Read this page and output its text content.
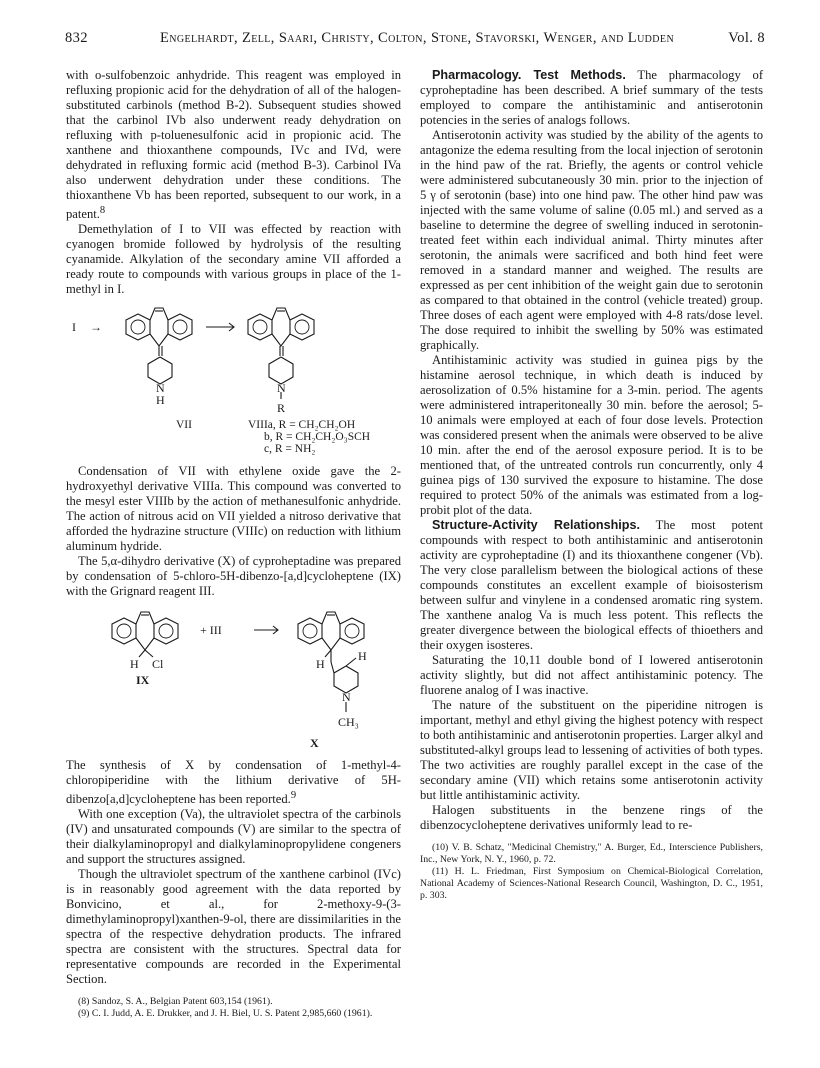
832	Engelhardt, Zell, Saari, Christy, Colton, Stone, Stavorski, Wenger, and Ludden	Vol. 8

with o-sulfobenzoic anhydride. This reagent was employed in refluxing propionic acid for the dehydration of all of the halogen-substituted carbinols (method B-2). Subsequent studies showed that the carbinol IVb also underwent ready dehydration on refluxing with p-toluenesulfonic acid in propionic acid. The xanthene and thioxanthene compounds, IVc and IVd, were dehydrated in refluxing formic acid (method B-3). Carbinol IVa also underwent dehydration under these conditions. The thioxanthene Vb has been reported, subsequent to our work, in a patent.$^8$

Demethylation of I to VII was effected by reaction with cyanogen bromide followed by hydrolysis of the resulting cyanamide. Alkylation of the secondary amine VII afforded a ready route to compounds with various groups in place of the 1-methyl in I.

I →
N
H
N
R
VII	VIIIa, R = CH₂CH₂OH
b, R = CH₂CH₂O₃SCH
c, R = NH₂

Condensation of VII with ethylene oxide gave the 2-hydroxyethyl derivative VIIIa. This compound was converted to the mesyl ester VIIIb by the action of methanesulfonic anhydride. The action of nitrous acid on VII yielded a nitroso derivative that afforded the hydrazine structure (VIIIc) on reduction with lithium aluminum hydride.

The 5,α-dihydro derivative (X) of cyproheptadine was prepared by condensation of 5-chloro-5H-dibenzo-[a,d]cycloheptene (IX) with the Grignard reagent III.

H Cl
+ III
H
H
N
CH₃
IX
X

The synthesis of X by condensation of 1-methyl-4-chloropiperidine with the lithium derivative of 5H-dibenzo[a,d]cycloheptene has been reported.$^9$

With one exception (Va), the ultraviolet spectra of the carbinols (IV) and unsaturated compounds (V) are similar to the spectra of their dialkylaminopropyl and dialkylaminopropylidene congeners and support the structures assigned.

Though the ultraviolet spectrum of the xanthene carbinol (IVc) is in reasonably good agreement with the data reported by Bonvicino, et al., for 2-methoxy-9-(3-dimethylaminopropyl)xanthen-9-ol, there are dissimilarities in the spectra of the respective dehydration products. The infrared spectra are consistent with the structures. Spectral data for representative compounds are recorded in the Experimental Section.

(8) Sandoz, S. A., Belgian Patent 603,154 (1961).

(9) C. I. Judd, A. E. Drukker, and J. H. Biel, U. S. Patent 2,985,660 (1961).

Pharmacology. Test Methods. The pharmacology of cyproheptadine has been described. A brief summary of the tests employed to compare the antihistaminic and antiserotonin potencies in the series of analogs follows.

Antiserotonin activity was studied by the ability of the agents to antagonize the edema resulting from the local injection of serotonin in the hind paw of the rat. Briefly, the agents or control vehicle were administered subcutaneously 30 min. prior to the injection of 5 γ of serotonin (base) into one hind paw. The other hind paw was injected with the same volume of saline (0.05 ml.) and served as a baseline to determine the degree of swelling induced in serotonin-treated feet within each individual animal. Thirty minutes after serotonin, the animals were sacrificed and both hind feet were removed in a standard manner and weighed. The results are expressed as per cent inhibition of the weight gain due to serotonin as compared to that obtained in the control (vehicle treated) group. Three doses of each agent were employed with 4-8 rats/dose level. The dose required to inhibit the swelling by 50% was estimated graphically.

Antihistaminic activity was studied in guinea pigs by the histamine aerosol technique, in which death is induced by aerosolization of 0.5% histamine for a 3-min. period. The agents were administered intraperitoneally 30 min. before the aerosol; 5-10 animals were employed at each of four dose levels. Protection was considered present when the animals were observed to be alive 10 min. after the end of the aerosol exposure period. It is to be mentioned that, of the untreated controls run concurrently, only 4 guinea pigs of 130 survived the exposure to histamine. The dose required to protect 50% of the animals was estimated from a log-probit plot of the data.

Structure-Activity Relationships. The most potent compounds with respect to both antihistaminic and antiserotonin activity are cyproheptadine (I) and its thioxanthene congener (Vb). The very close parallelism between the biological actions of these compounds constitutes an excellent example of bioisosterism between sulfur and vinylene in a condensed aromatic ring system. The xanthene analog Va is much less potent. This reflects the greater divergence between the biological effects of thioethers and their oxygen isosteres.

Saturating the 10,11 double bond of I lowered antiserotonin activity slightly, but did not affect antihistaminic potency. The fluorene analog of I was inactive.

The nature of the substituent on the piperidine nitrogen is important, methyl and ethyl giving the highest potency with respect to both antihistaminic and antiserotonin properties. Larger alkyl and substituted-alkyl groups lead to lessening of activities of both types. The two activities are roughly parallel except in the case of the secondary amine (VII) which retains some antiserotonin activity but little antihistaminic activity.

Halogen substituents in the benzene rings of the dibenzocycloheptene derivatives uniformly lead to re-

(10) V. B. Schatz, "Medicinal Chemistry," A. Burger, Ed., Interscience Publishers, Inc., New York, N. Y., 1960, p. 72.

(11) H. L. Friedman, First Symposium on Chemical-Biological Correlation, National Academy of Sciences-National Research Council, Washington, D. C., 1951, p. 303.
